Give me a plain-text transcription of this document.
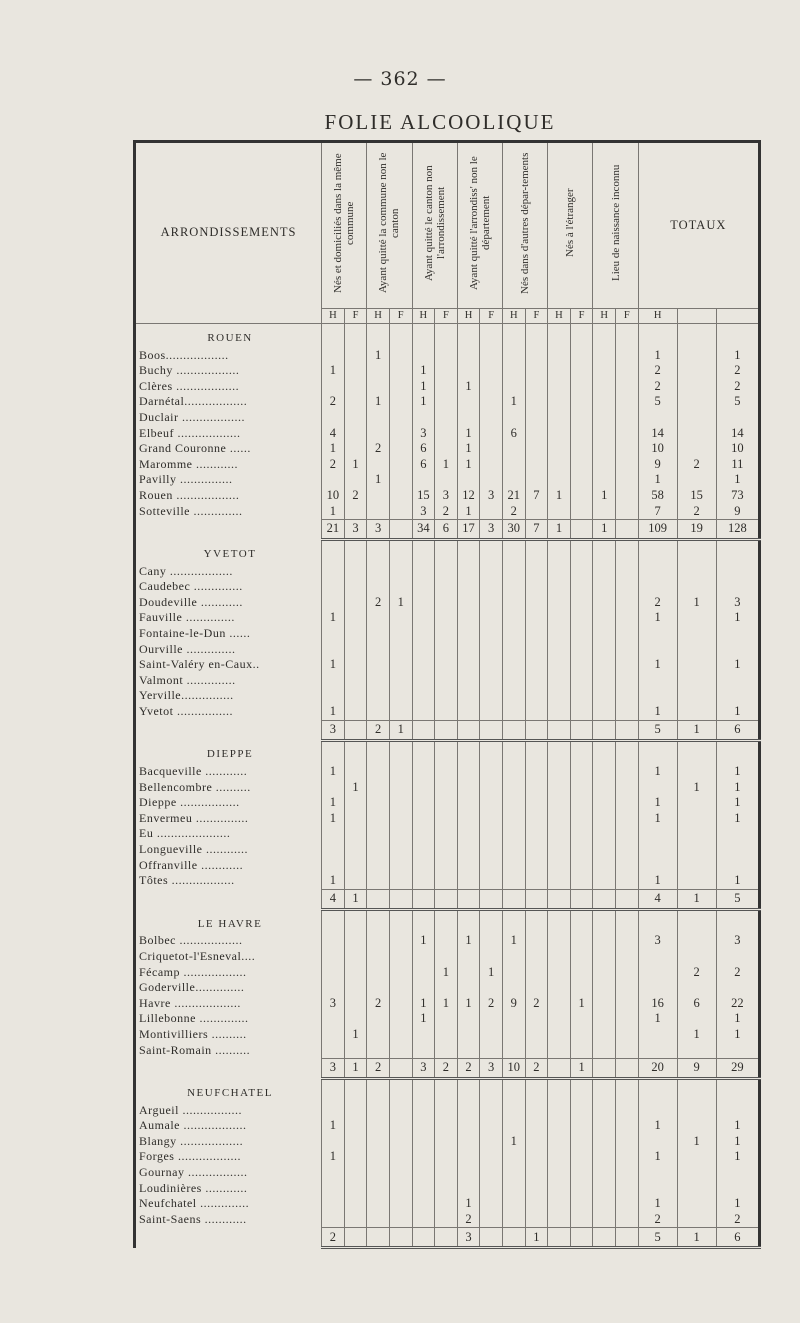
— 362 —
FOLIE ALCOOLIQUE
ARRONDISSEMENTS	Nés et domiciliés dans la même commune		Ayant quitté la commune non le canton		Ayant quitté le canton non l'arrondissement		Ayant quitté l'arrondiss' non le département		Nés dans d'autres dépar-tements		Nés à l'étranger		Lieu de naissance inconnu		TOTAUX		
	H	F	H	F	H	F	H	F	H	F	H	F	H	F	H		
ROUEN																	
Boos..................			1												1		1
Buchy ..................	1				1										2		2
Clères ..................					1		1								2		2
Darnétal..................	2		1		1				1						5		5
Duclair ..................																	
Elbeuf ..................	4				3		1		6						14		14
Grand Couronne ......	1		2		6		1								10		10
Maromme ............	2	1			6	1	1								9	2	11
Pavilly ...............			1												1		1
Rouen ..................	10	2			15	3	12	3	21	7	1		1		58	15	73
Sotteville ..............	1				3	2	1		2						7	2	9
	21	3	3		34	6	17	3	30	7	1		1		109	19	128
YVETOT																	
Cany ..................																	
Caudebec ..............																	
Doudeville ............			2	1											2	1	3
Fauville ..............	1														1		1
Fontaine-le-Dun ......																	
Ourville ..............																	
Saint-Valéry en-Caux..	1														1		1
Valmont ..............																	
Yerville...............																	
Yvetot ................	1														1		1
	3		2	1											5	1	6
DIEPPE																	
Bacqueville ............	1														1		1
Bellencombre ..........		1														1	1
Dieppe .................	1														1		1
Envermeu ...............	1														1		1
Eu .....................																	
Longueville ............																	
Offranville ............																	
Tôtes ..................	1														1		1
	4	1													4	1	5
LE HAVRE																	
Bolbec ..................					1		1		1						3		3
Criquetot-l'Esneval....																	
Fécamp ..................						1		1								2	2
Goderville..............																	
Havre ...................	3		2		1	1	1	2	9	2		1			16	6	22
Lillebonne ..............					1										1		1
Montivilliers ..........		1														1	1
Saint-Romain ..........																	
	3	1	2		3	2	2	3	10	2		1			20	9	29
NEUFCHATEL																	
Argueil .................																	
Aumale ..................	1														1		1
Blangy ..................									1							1	1
Forges ..................	1														1		1
Gournay .................																	
Loudinières ............																	
Neufchatel ..............							1								1		1
Saint-Saens ............							2								2		2
	2						3			1					5	1	6
